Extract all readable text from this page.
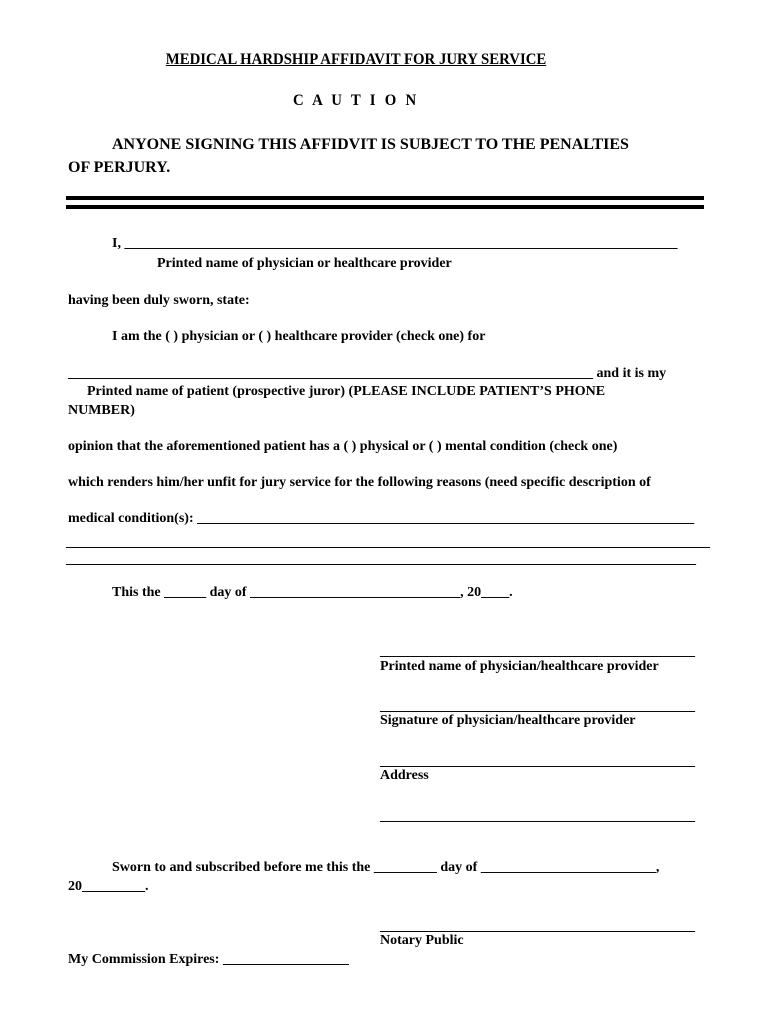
MEDICAL HARDSHIP AFFIDAVIT FOR JURY SERVICE
C A U T I O N
ANYONE SIGNING THIS AFFIDVIT IS SUBJECT TO THE PENALTIES
OF PERJURY.
I, _______________________________________________________________________________
Printed name of physician or healthcare provider
having been duly sworn, state:
I am the ( ) physician or ( ) healthcare provider (check one) for
___________________________________________________________________________ and it is my
Printed name of patient (prospective juror) (PLEASE INCLUDE PATIENT’S PHONE
NUMBER)
opinion that the aforementioned patient has a ( ) physical or ( ) mental condition (check one)
which renders him/her unfit for jury service for the following reasons (need specific description of
medical condition(s): _______________________________________________________________________
____________________________________________________________________________________________
__________________________________________________________________________________________
This the ______ day of ______________________________, 20____.
_____________________________________________
Printed name of physician/healthcare provider
_____________________________________________
Signature of physician/healthcare provider
_____________________________________________
Address
_____________________________________________
Sworn to and subscribed before me this the _________ day of _________________________,
20_________.
_____________________________________________
Notary Public
My Commission Expires: __________________
